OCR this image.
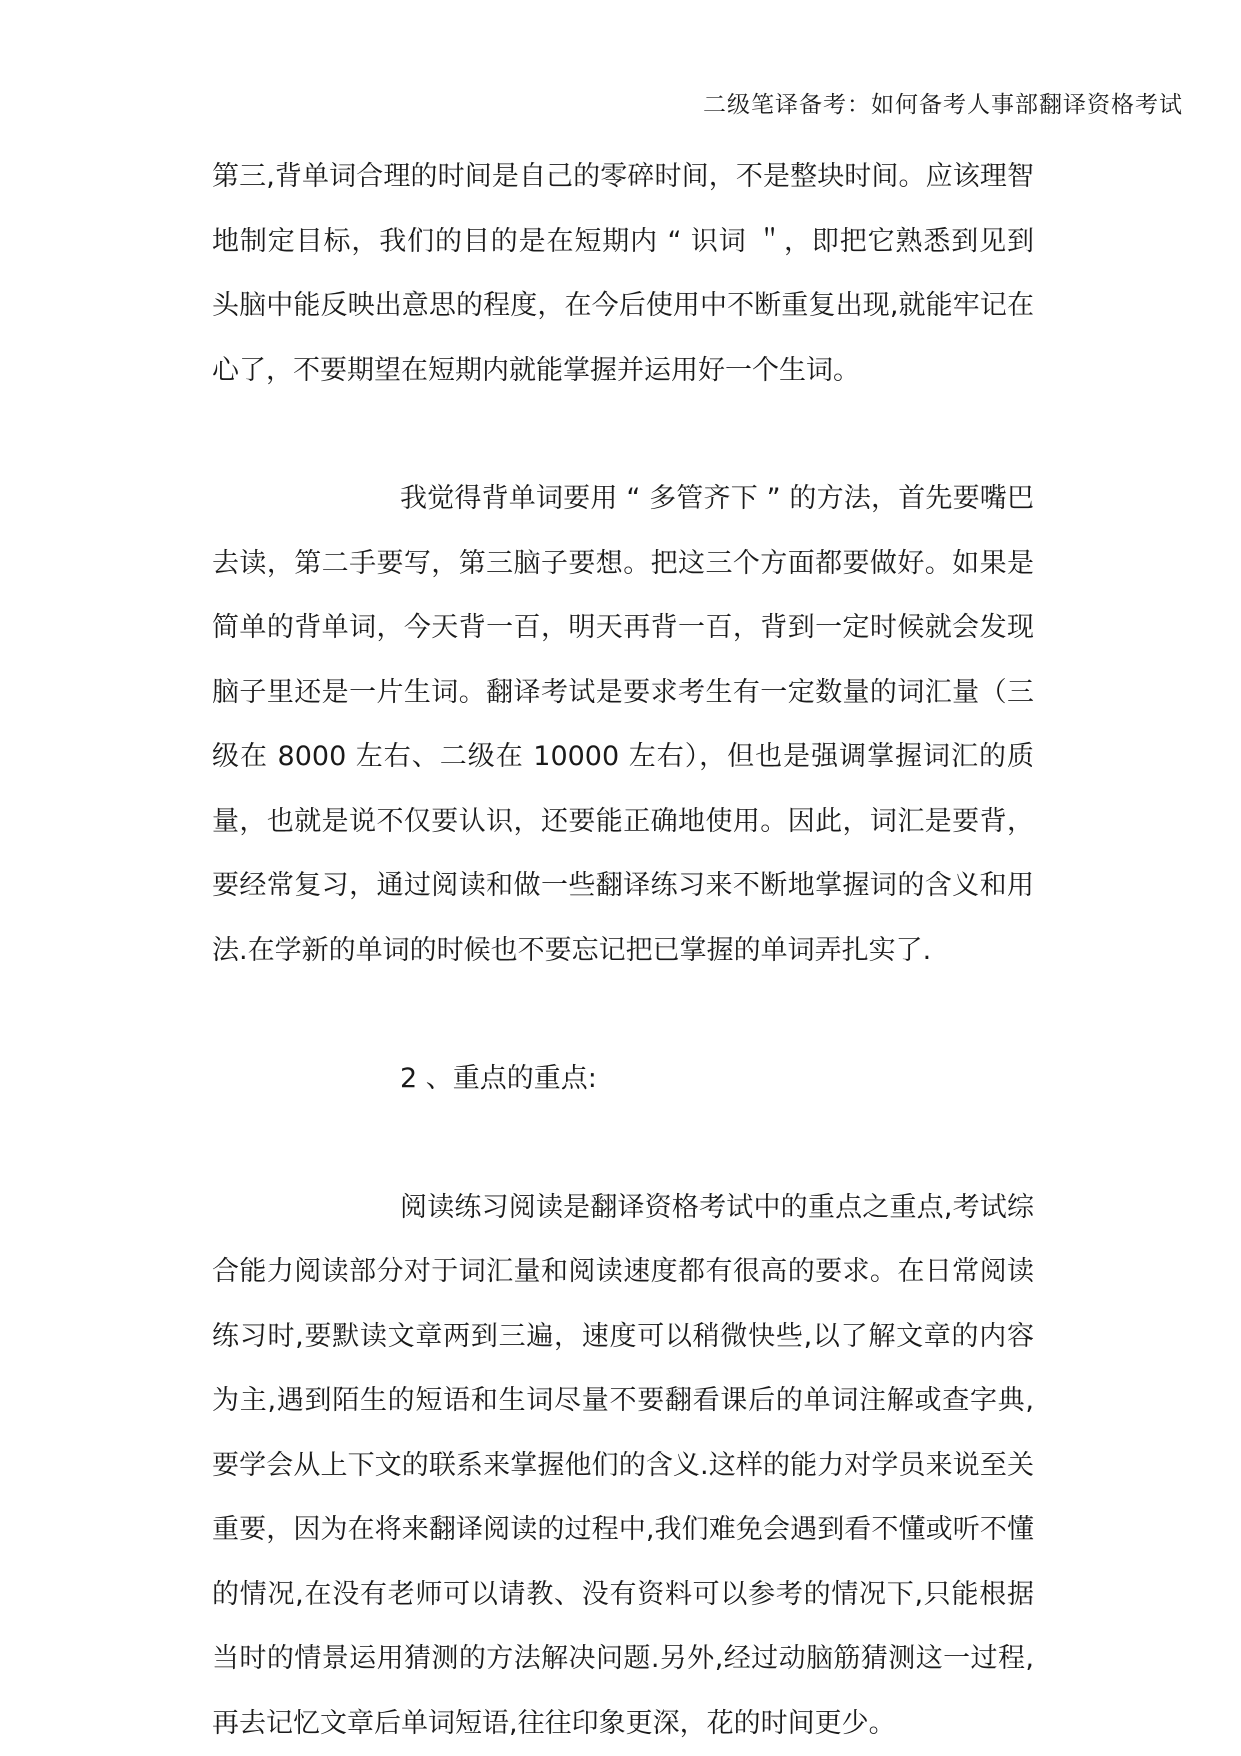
二级笔译备考：如何备考人事部翻译资格考试

第三,背单词合理的时间是自己的零碎时间，不是整块时间。应该理智地制定目标，我们的目的是在短期内 “ 识词 ＂，即把它熟悉到见到头脑中能反映出意思的程度，在今后使用中不断重复出现,就能牢记在心了，不要期望在短期内就能掌握并运用好一个生词。

我觉得背单词要用 “ 多管齐下 ” 的方法，首先要嘴巴去读，第二手要写，第三脑子要想。把这三个方面都要做好。如果是简单的背单词，今天背一百，明天再背一百，背到一定时候就会发现脑子里还是一片生词。翻译考试是要求考生有一定数量的词汇量（三级在 8000 左右、二级在 10000 左右），但也是强调掌握词汇的质量，也就是说不仅要认识，还要能正确地使用。因此，词汇是要背，要经常复习，通过阅读和做一些翻译练习来不断地掌握词的含义和用法.在学新的单词的时候也不要忘记把已掌握的单词弄扎实了.

2 、重点的重点:

阅读练习阅读是翻译资格考试中的重点之重点,考试综合能力阅读部分对于词汇量和阅读速度都有很高的要求。在日常阅读练习时,要默读文章两到三遍，速度可以稍微快些,以了解文章的内容为主,遇到陌生的短语和生词尽量不要翻看课后的单词注解或查字典,要学会从上下文的联系来掌握他们的含义.这样的能力对学员来说至关重要，因为在将来翻译阅读的过程中,我们难免会遇到看不懂或听不懂的情况,在没有老师可以请教、没有资料可以参考的情况下,只能根据当时的情景运用猜测的方法解决问题.另外,经过动脑筋猜测这一过程,再去记忆文章后单词短语,往往印象更深，花的时间更少。
